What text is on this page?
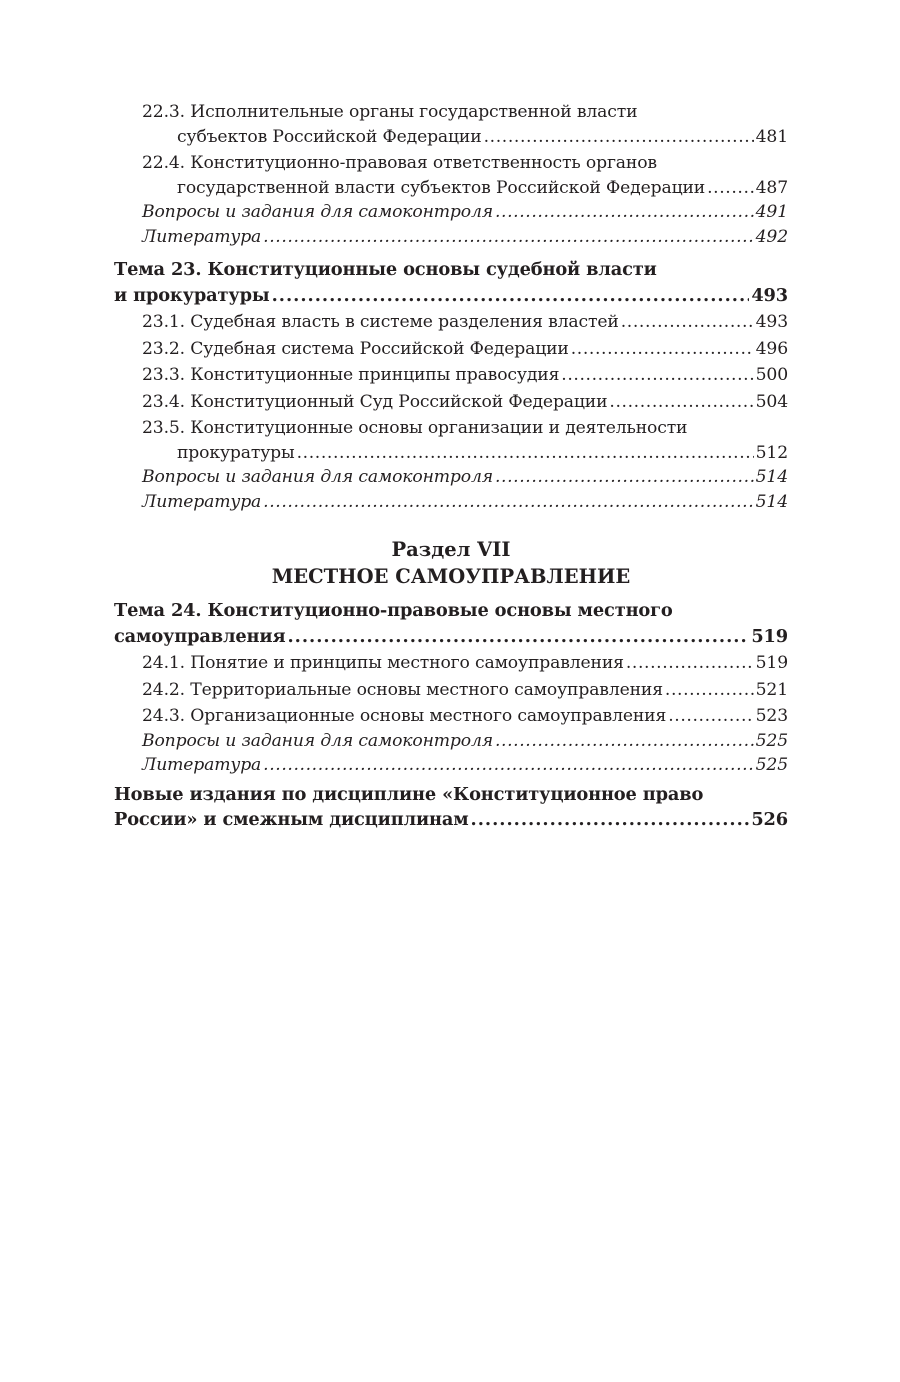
22.3. Исполнительные органы государственной власти
субъектов Российской Федерации .....	481
22.4. Конституционно-правовая ответственность органов
государственной власти субъектов Российской Федерации .....	487
Вопросы и задания для самоконтроля .....	491
Литература .....	492
Тема 23. Конституционные основы судебной власти
и прокуратуры .....	493
23.1. Судебная власть в системе разделения властей .....	493
23.2. Судебная система Российской Федерации .....	496
23.3. Конституционные принципы правосудия .....	500
23.4. Конституционный Суд Российской Федерации .....	504
23.5. Конституционные основы организации и деятельности
прокуратуры .....	512
Вопросы и задания для самоконтроля .....	514
Литература .....	514
Раздел VII
МЕСТНОЕ САМОУПРАВЛЕНИЕ
Тема 24. Конституционно-правовые основы местного
самоуправления .....	519
24.1. Понятие и принципы местного самоуправления .....	519
24.2. Территориальные основы местного самоуправления .....	521
24.3. Организационные основы местного самоуправления .....	523
Вопросы и задания для самоконтроля .....	525
Литература .....	525
Новые издания по дисциплине «Конституционное право
России» и смежным дисциплинам .....	526
